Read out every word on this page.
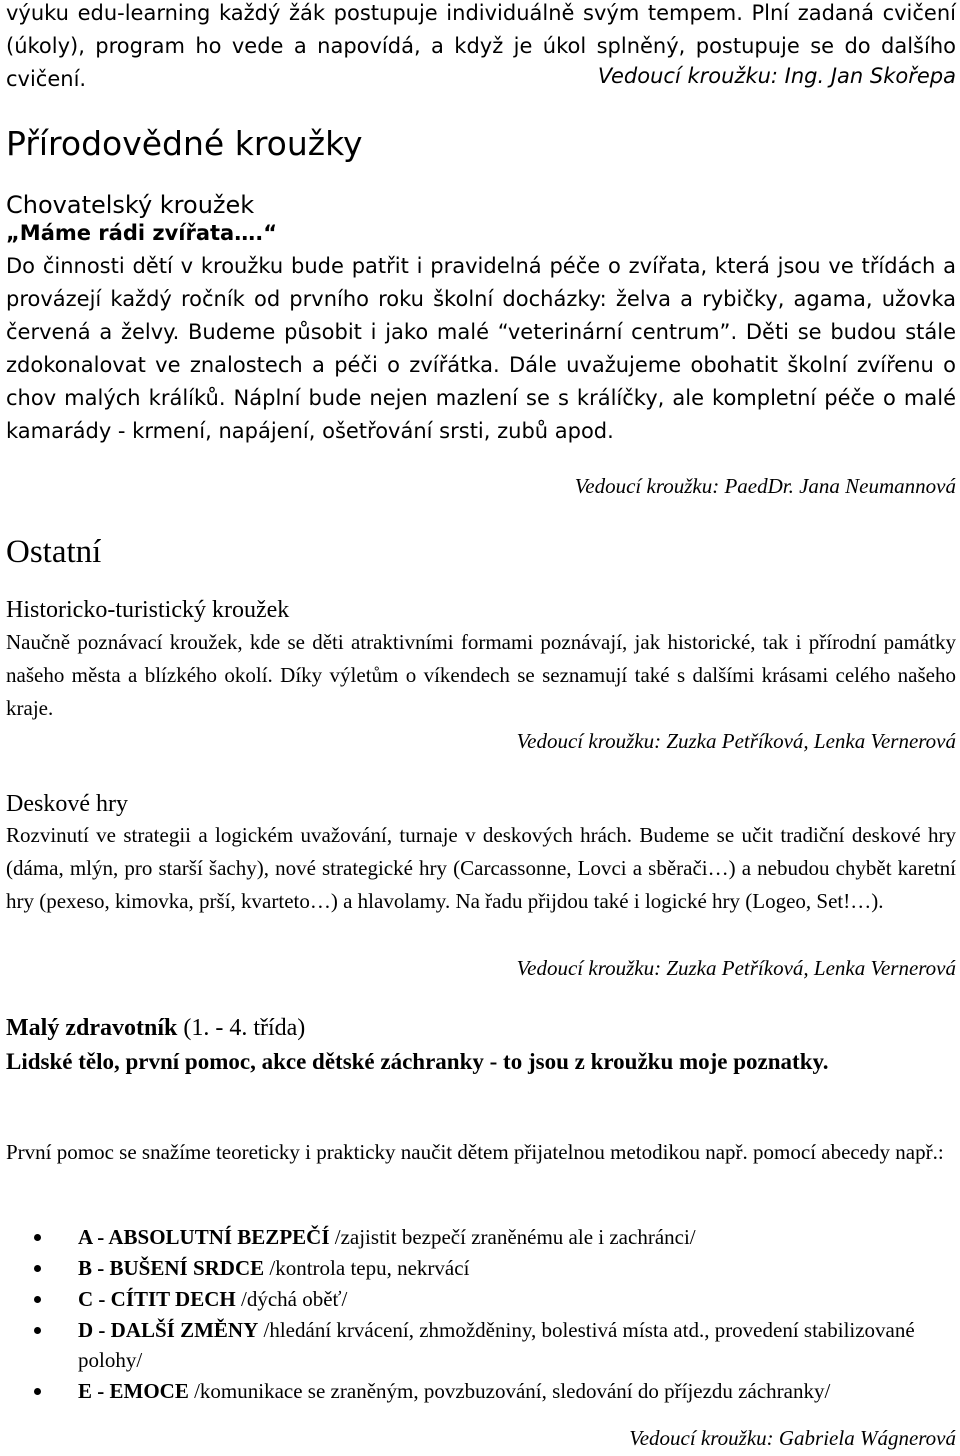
výuku edu-learning každý žák postupuje individuálně svým tempem. Plní zadaná cvičení (úkoly), program ho vede a napovídá, a když je úkol splněný, postupuje se do dalšího cvičení.	Vedoucí kroužku: Ing. Jan Skořepa

Přírodovědné kroužky
Chovatelský kroužek
„Máme rádi zvířata….“

Do činnosti dětí v kroužku bude patřit i pravidelná péče o zvířata, která jsou ve třídách a provázejí každý ročník od prvního roku školní docházky: želva a rybičky, agama, užovka červená a želvy. Budeme působit i jako malé “veterinární centrum”. Děti se budou stále zdokonalovat ve znalostech a péči o zvířátka. Dále uvažujeme obohatit školní zvířenu o chov malých králíků. Náplní bude nejen mazlení se s králíčky, ale kompletní péče o malé kamarády - krmení, napájení, ošetřování srsti, zubů apod.

Vedoucí kroužku: PaedDr. Jana Neumannová

Ostatní
Historicko-turistický kroužek

Naučně poznávací kroužek, kde se děti atraktivními formami poznávají, jak historické, tak i přírodní památky našeho města a blízkého okolí. Díky výletům o víkendech se seznamují také s dalšími krásami celého našeho kraje.

Vedoucí kroužku: Zuzka Petříková, Lenka Vernerová

Deskové hry

Rozvinutí ve strategii a logickém uvažování, turnaje v deskových hrách. Budeme se učit tradiční deskové hry (dáma, mlýn, pro starší šachy), nové strategické hry (Carcassonne, Lovci a sběrači…) a nebudou chybět karetní hry (pexeso, kimovka, prší, kvarteto…) a hlavolamy. Na řadu přijdou také i logické hry (Logeo, Set!…).

Vedoucí kroužku: Zuzka Petříková, Lenka Vernerová

Malý zdravotník (1. - 4. třída)

Lidské tělo, první pomoc, akce dětské záchranky - to jsou z kroužku moje poznatky.

První pomoc se snažíme teoreticky i prakticky naučit dětem přijatelnou metodikou např. pomocí abecedy např.:

A - ABSOLUTNÍ BEZPEČÍ /zajistit bezpečí zraněnému ale i zachránci/
B - BUŠENÍ SRDCE /kontrola tepu, nekrvácí
C - CÍTIT DECH /dýchá oběť/
D - DALŠÍ ZMĚNY /hledání krvácení, zhmožděniny, bolestivá místa atd., provedení stabilizované polohy/
E - EMOCE /komunikace se zraněným, povzbuzování, sledování do příjezdu záchranky/

Vedoucí kroužku: Gabriela Wágnerová
